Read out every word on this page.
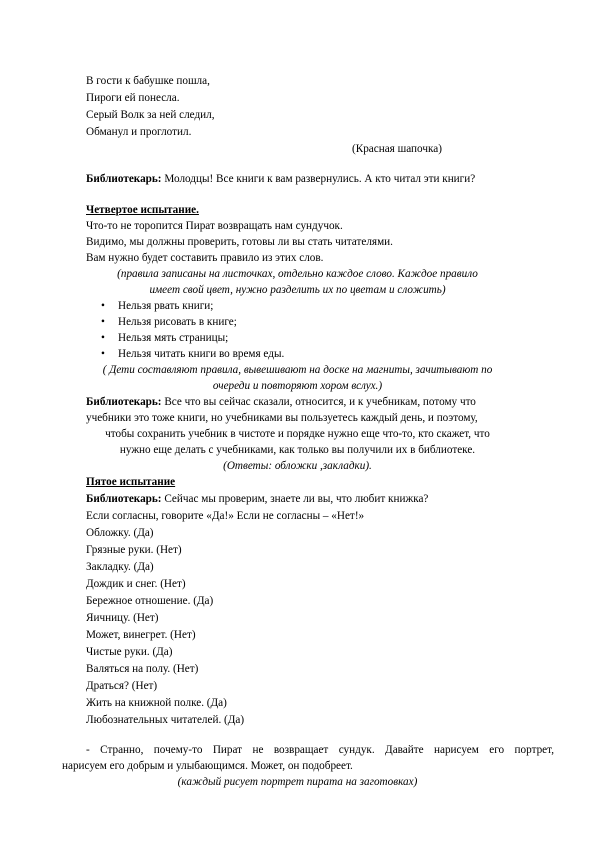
В гости к бабушке пошла,
Пироги ей понесла.
Серый Волк за ней следил,
Обманул и проглотил.
(Красная шапочка)
Библиотекарь: Молодцы! Все книги к вам развернулись. А кто читал эти книги?
Четвертое испытание.
Что-то не торопится Пират возвращать нам сундучок.
Видимо, мы должны проверить, готовы ли вы стать читателями.
Вам нужно будет составить правило из этих слов.
(правила записаны на листочках, отдельно каждое слово. Каждое правило
имеет свой цвет, нужно разделить их по цветам и сложить)
• Нельзя рвать книги;
• Нельзя рисовать в книге;
• Нельзя мять страницы;
• Нельзя читать книги во время еды.
( Дети составляют правила, вывешивают на доске на магниты, зачитывают по
очереди и повторяют хором вслух.)
Библиотекарь: Все что вы сейчас сказали, относится, и к учебникам, потому что
учебники это тоже книги, но учебниками вы пользуетесь каждый день, и поэтому,
чтобы сохранить учебник в чистоте и порядке нужно еще что-то, кто скажет, что
нужно еще делать с учебниками, как только вы получили их в библиотеке.
(Ответы: обложки ,закладки).
Пятое испытание
Библиотекарь: Сейчас мы проверим, знаете ли вы, что любит книжка?
Если согласны, говорите «Да!» Если не согласны – «Нет!»
Обложку. (Да)
Грязные руки. (Нет)
Закладку. (Да)
Дождик и снег. (Нет)
Бережное отношение. (Да)
Яичницу. (Нет)
Может, винегрет. (Нет)
Чистые руки. (Да)
Валяться на полу. (Нет)
Драться? (Нет)
Жить на книжной полке. (Да)
Любознательных читателей. (Да)
- Странно, почему-то Пират не возвращает сундук. Давайте нарисуем его портрет,
нарисуем его добрым и улыбающимся. Может, он подобреет.
(каждый рисует портрет пирата на заготовках)
